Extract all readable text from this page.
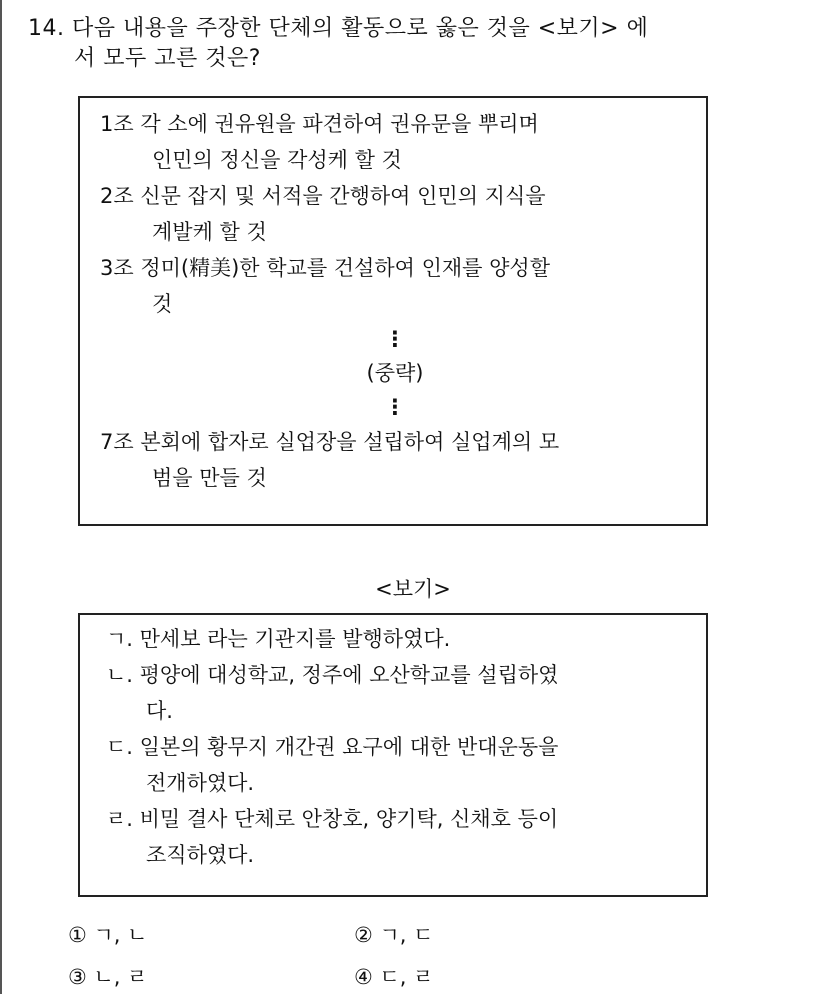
14. 다음 내용을 주장한 단체의 활동으로 옳은 것을 <보기> 에
서 모두 고른 것은?
1조 각 소에 권유원을 파견하여 권유문을 뿌리며
인민의 정신을 각성케 할 것
2조 신문 잡지 및 서적을 간행하여 인민의 지식을
계발케 할 것
3조 정미(精美)한 학교를 건설하여 인재를 양성할
것
⋮
(중략)
⋮
7조 본회에 합자로 실업장을 설립하여 실업계의 모
범을 만들 것
<보기>
ㄱ. 만세보 라는 기관지를 발행하였다.
ㄴ. 평양에 대성학교, 정주에 오산학교를 설립하였
다.
ㄷ. 일본의 황무지 개간권 요구에 대한 반대운동을
전개하였다.
ㄹ. 비밀 결사 단체로 안창호, 양기탁, 신채호 등이
조직하였다.
① ㄱ, ㄴ	② ㄱ, ㄷ
③ ㄴ, ㄹ	④ ㄷ, ㄹ
